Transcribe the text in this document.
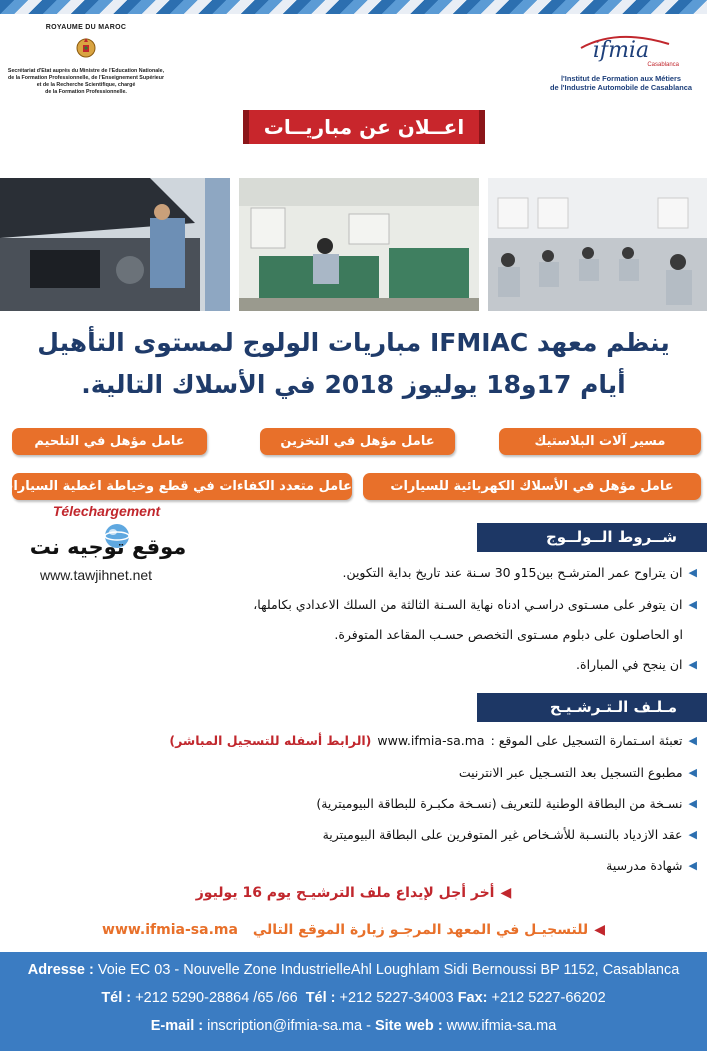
ROYAUME DU MAROC
Secrétariat d'Etat auprès du Ministre de l'Education Nationale,
de la Formation Professionnelle, de l'Enseignement Supérieur
et de la Recherche Scientifique, chargé
de la Formation Professionnelle.
ifmia
Casablanca
l'Institut de Formation aux Métiers
de l'Industrie Automobile de Casablanca
اعــلان عن مباريــات
ينظم معهد IFMIAC مباريات الولوج لمستوى التأهيل
أيام 17و18 يوليوز 2018 في الأسلاك التالية.
مسير آلات البلاستيك
عامل مؤهل في التخزين
عامل مؤهل في التلحيم
عامل مؤهل في الأسلاك الكهربائية للسيارات
عامل متعدد الكفاءات في قطع وخياطة اغطية السيارات
Télechargement
موقع توجيه نت
www.tawjihnet.net
شــروط الــولــوج
◀
ان يتراوح عمر المترشـح بين15و 30 سـنة عند تاريخ بداية التكوين.
◀
ان يتوفر على مسـتوى دراسـي ادناه نهاية السـنة الثالثة من السلك الاعدادي بكاملها،
او الحاصلون على دبلوم مسـتوى التخصص حسـب المقاعد المتوفرة.
◀
ان ينجح في المباراة.
مـلـف الـتـرشـيـح
◀
تعبئة اسـتمارة التسجيل على الموقع :
www.ifmia-sa.ma
(الرابط أسفله للتسجيل المباشر)
◀
مطبوع التسجيل بعد التسـجيل عبر الانترنيت
◀
نسـخة من البطاقة الوطنية للتعريف (نسـخة مكبـرة للبطاقة البيوميترية)
◀
عقد الازدياد بالنسـبة للأشـخاص غير المتوفرين على البطاقة البيوميترية
◀
شهادة مدرسية
◀أخر أجل لإيداع ملف الترشيـح يوم 16 يوليوز
◀للتسجيـل في المعهد المرجـو زيارة الموقع التالي www.ifmia-sa.ma
Adresse : Voie EC 03 - Nouvelle Zone IndustrielleAhl Loughlam Sidi Bernoussi BP 1152, Casablanca
Tél : +212 5290-28864 /65 /66 Tél : +212 5227-34003 Fax: +212 5227-66202
E-mail : inscription@ifmia-sa.ma - Site web : www.ifmia-sa.ma
